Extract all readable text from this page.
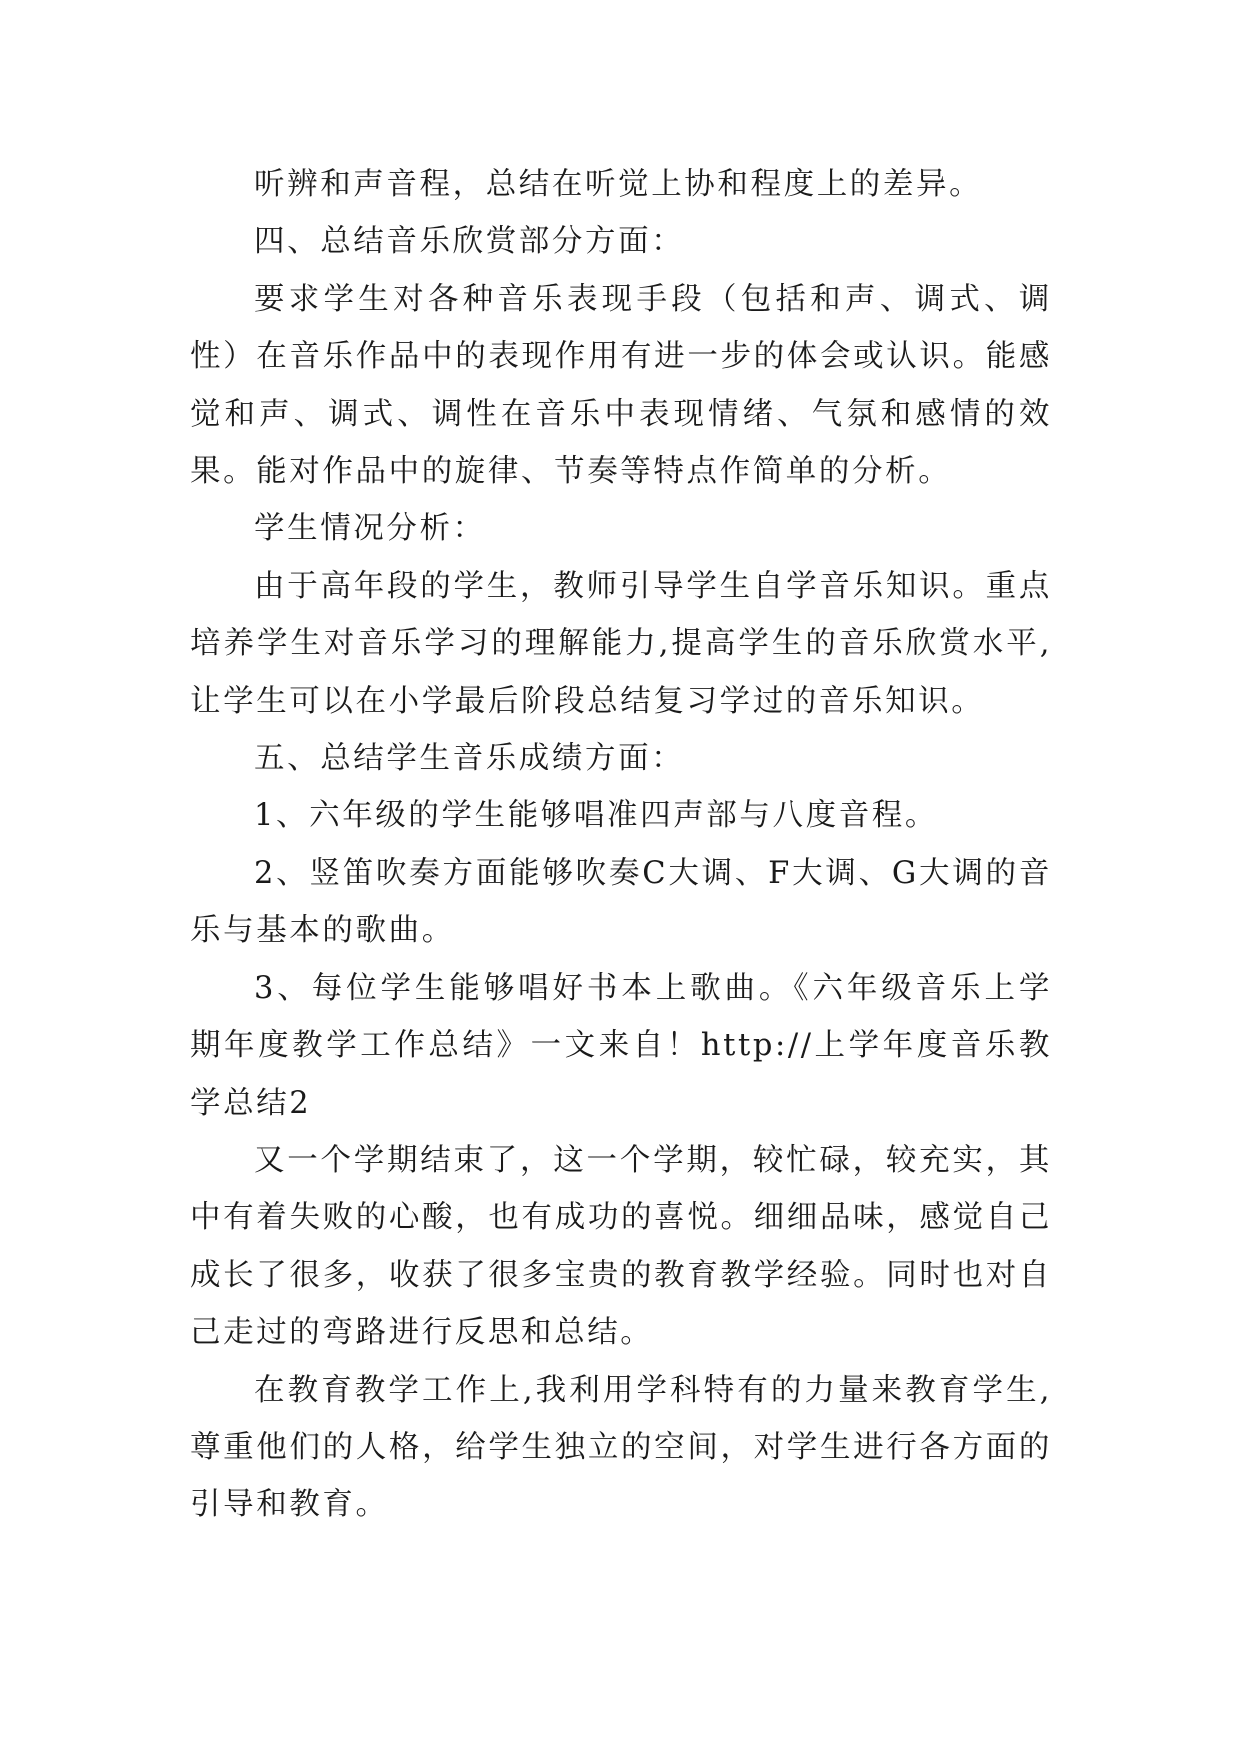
听辨和声音程，总结在听觉上协和程度上的差异。

四、总结音乐欣赏部分方面：

要求学生对各种音乐表现手段（包括和声、调式、调性）在音乐作品中的表现作用有进一步的体会或认识。能感觉和声、调式、调性在音乐中表现情绪、气氛和感情的效果。能对作品中的旋律、节奏等特点作简单的分析。

学生情况分析：

由于高年段的学生，教师引导学生自学音乐知识。重点培养学生对音乐学习的理解能力,提高学生的音乐欣赏水平,让学生可以在小学最后阶段总结复习学过的音乐知识。

五、总结学生音乐成绩方面：

1、六年级的学生能够唱准四声部与八度音程。

2、竖笛吹奏方面能够吹奏C大调、F大调、G大调的音乐与基本的歌曲。

3、每位学生能够唱好书本上歌曲。《六年级音乐上学期年度教学工作总结》一文来自！http://上学年度音乐教学总结2

又一个学期结束了，这一个学期，较忙碌，较充实，其中有着失败的心酸，也有成功的喜悦。细细品味，感觉自己成长了很多，收获了很多宝贵的教育教学经验。同时也对自己走过的弯路进行反思和总结。

在教育教学工作上,我利用学科特有的力量来教育学生,尊重他们的人格，给学生独立的空间，对学生进行各方面的引导和教育。
